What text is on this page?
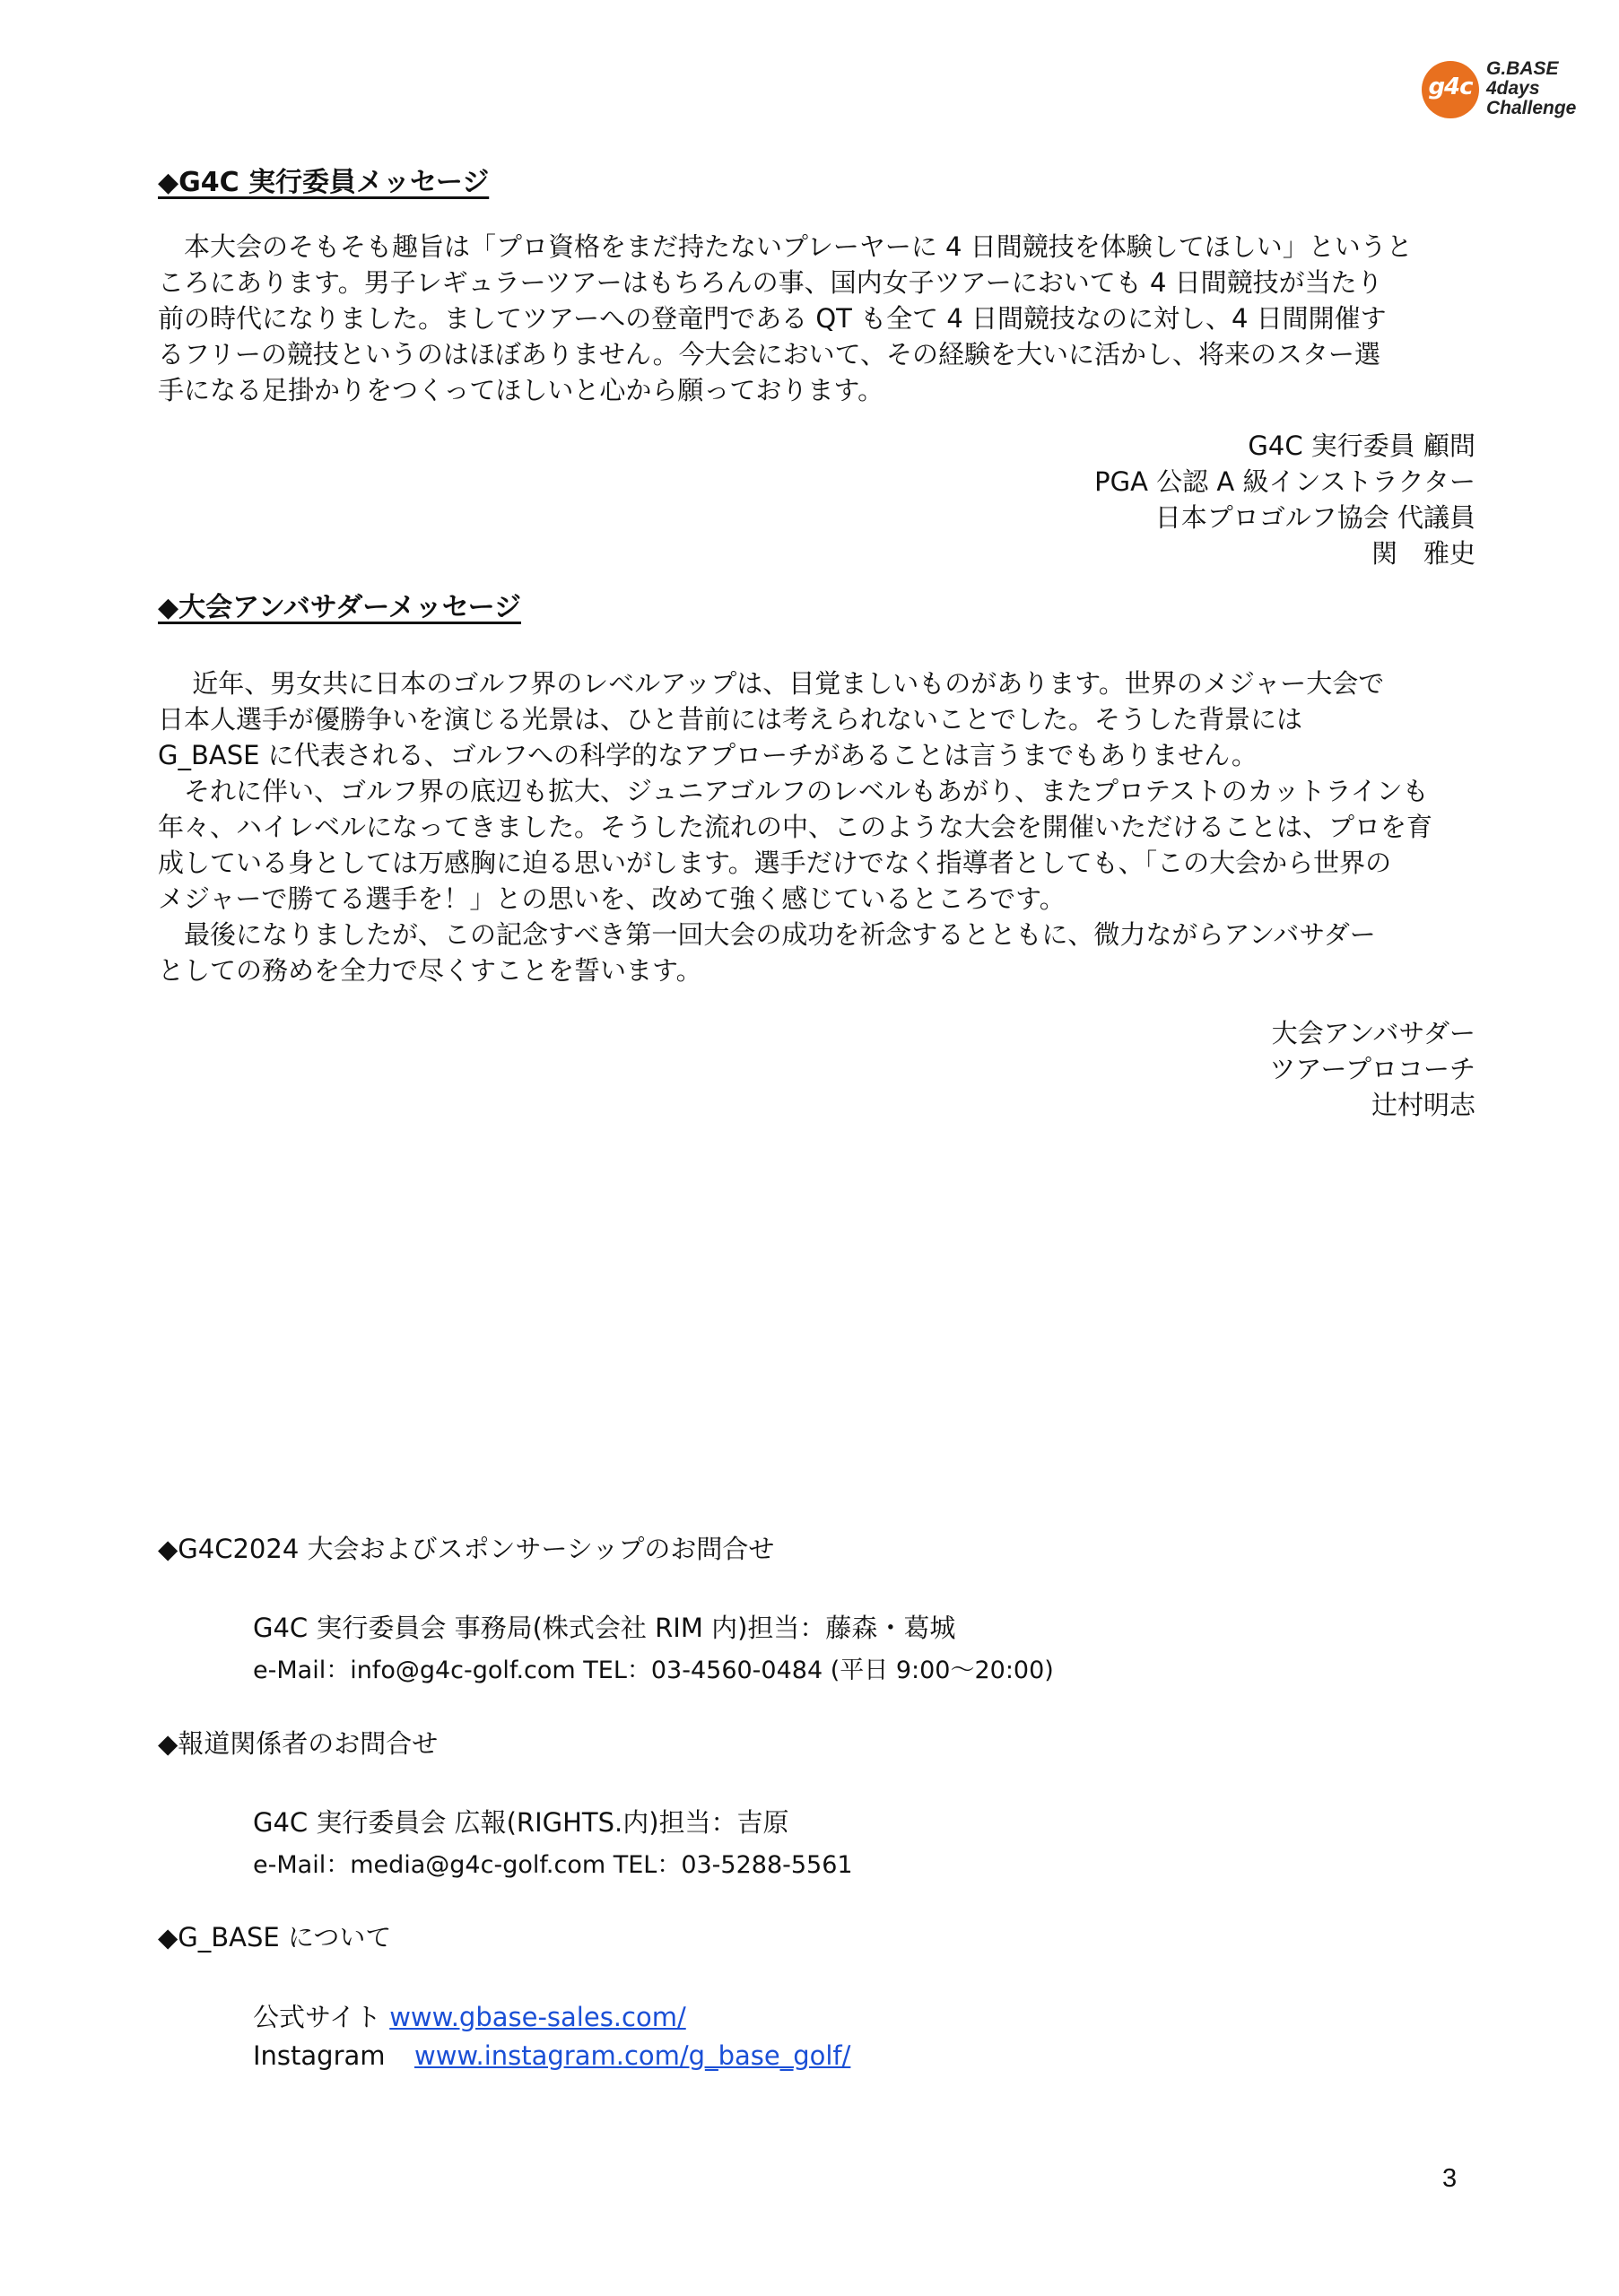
g4c
G.BASE
4days
Challenge
◆G4C 実行委員メッセージ

　本大会のそもそも趣旨は「プロ資格をまだ持たないプレーヤーに 4 日間競技を体験してほしい」というと

ころにあります。男子レギュラーツアーはもちろんの事、国内女子ツアーにおいても 4 日間競技が当たり

前の時代になりました。ましてツアーへの登竜門である QT も全て 4 日間競技なのに対し、4 日間開催す

るフリーの競技というのはほぼありません。今大会において、その経験を大いに活かし、将来のスター選

手になる足掛かりをつくってほしいと心から願っております。

G4C 実行委員 顧問
PGA 公認 A 級インストラクター
日本プロゴルフ協会 代議員
関　雅史
◆大会アンバサダーメッセージ

　 近年、男女共に日本のゴルフ界のレベルアップは、目覚ましいものがあります。世界のメジャー大会で

日本人選手が優勝争いを演じる光景は、ひと昔前には考えられないことでした。そうした背景には

G_BASE に代表される、ゴルフへの科学的なアプローチがあることは言うまでもありません。

　それに伴い、ゴルフ界の底辺も拡大、ジュニアゴルフのレベルもあがり、またプロテストのカットラインも

年々、ハイレベルになってきました。そうした流れの中、このような大会を開催いただけることは、プロを育

成している身としては万感胸に迫る思いがします。選手だけでなく指導者としても、「この大会から世界の

メジャーで勝てる選手を！」との思いを、改めて強く感じているところです。

　最後になりましたが、この記念すべき第一回大会の成功を祈念するとともに、微力ながらアンバサダー

としての務めを全力で尽くすことを誓います。

大会アンバサダー
ツアープロコーチ
辻村明志
◆G4C2024 大会およびスポンサーシップのお問合せ
G4C 実行委員会 事務局(株式会社 RIM 内)担当：藤森・葛城
e-Mail：info@g4c-golf.com TEL：03-4560-0484 (平日 9:00～20:00)
◆報道関係者のお問合せ
G4C 実行委員会 広報(RIGHTS.内)担当：吉原
e-Mail：media@g4c-golf.com TEL：03-5288-5561
◆G_BASE について
公式サイト www.gbase-sales.com/
Instagram www.instagram.com/g_base_golf/
3
